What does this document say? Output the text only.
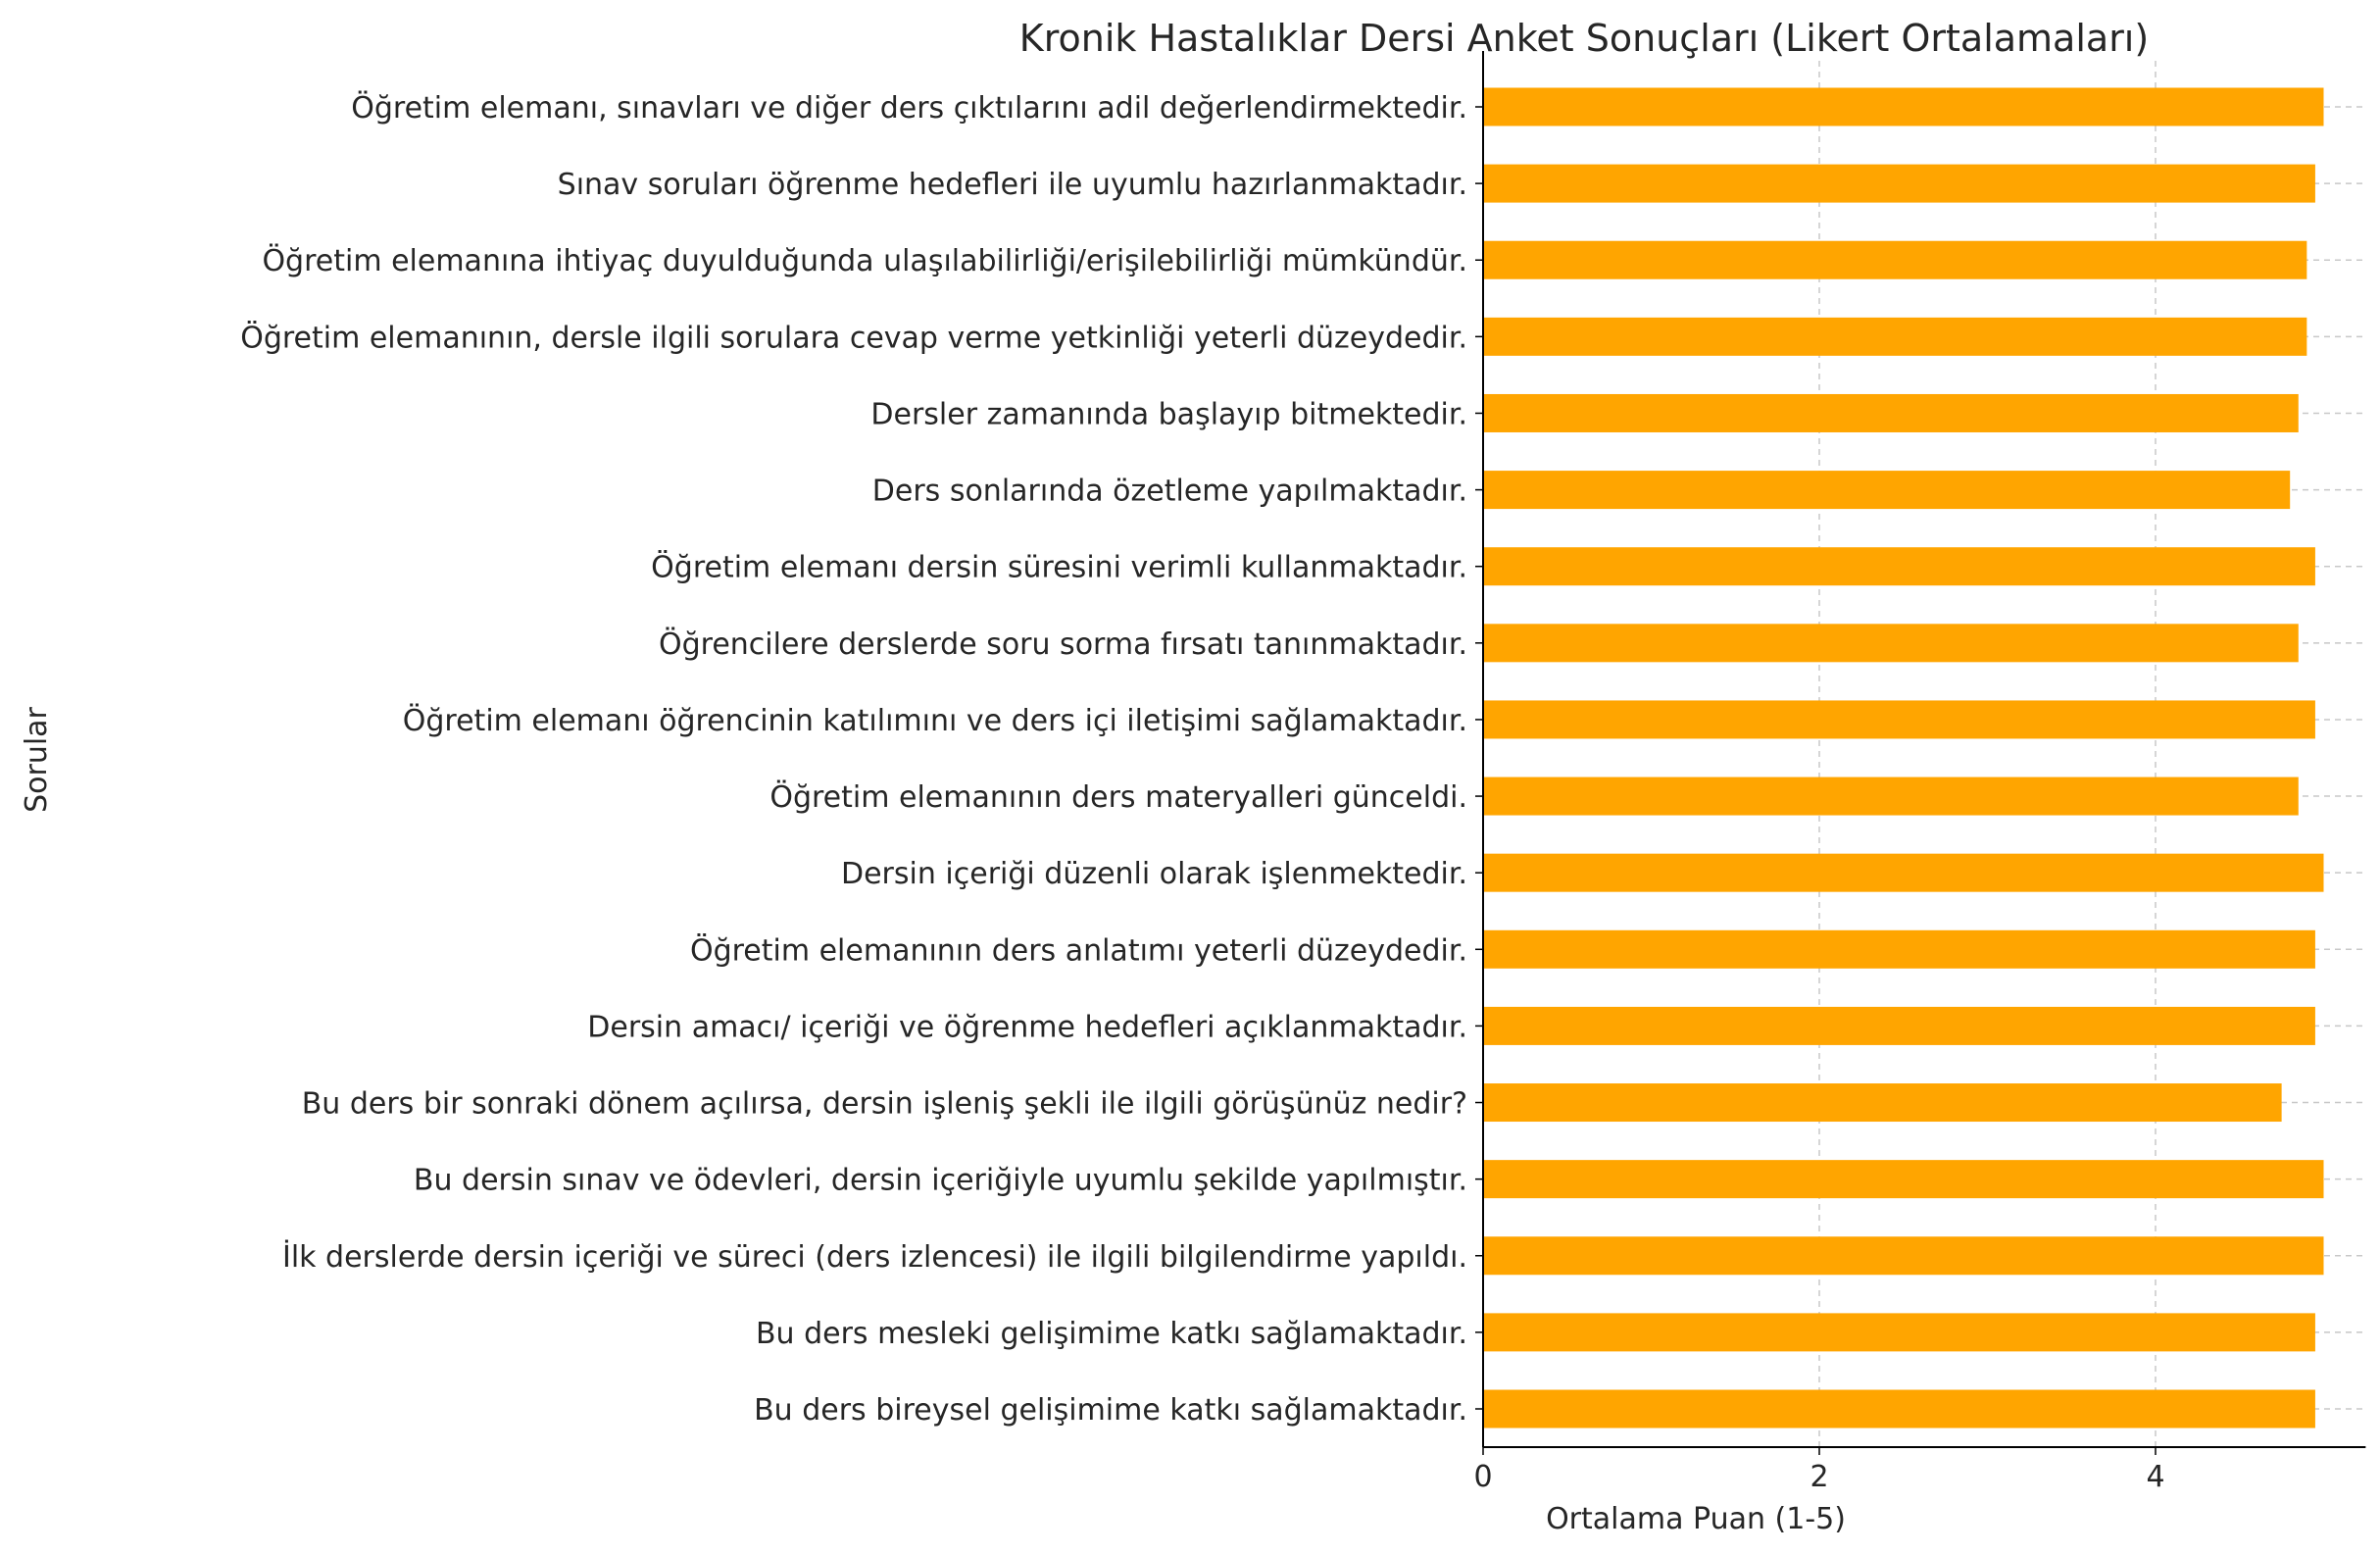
Öğretim elemanı, sınavları ve diğer ders çıktılarını adil değerlendirmektedir.
Sınav soruları öğrenme hedefleri ile uyumlu hazırlanmaktadır.
Öğretim elemanına ihtiyaç duyulduğunda ulaşılabilirliği/erişilebilirliği mümkündür.
Öğretim elemanının, dersle ilgili sorulara cevap verme yetkinliği yeterli düzeydedir.
Dersler zamanında başlayıp bitmektedir.
Ders sonlarında özetleme yapılmaktadır.
Öğretim elemanı dersin süresini verimli kullanmaktadır.
Öğrencilere derslerde soru sorma fırsatı tanınmaktadır.
Öğretim elemanı öğrencinin katılımını ve ders içi iletişimi sağlamaktadır.
Öğretim elemanının ders materyalleri günceldi.
Dersin içeriği düzenli olarak işlenmektedir.
Öğretim elemanının ders anlatımı yeterli düzeydedir.
Dersin amacı/ içeriği ve öğrenme hedefleri açıklanmaktadır.
Bu ders bir sonraki dönem açılırsa, dersin işleniş şekli ile ilgili görüşünüz nedir?
Bu dersin sınav ve ödevleri, dersin içeriğiyle uyumlu şekilde yapılmıştır.
İlk derslerde dersin içeriği ve süreci (ders izlencesi) ile ilgili bilgilendirme yapıldı.
Bu ders mesleki gelişimime katkı sağlamaktadır.
Bu ders bireysel gelişimime katkı sağlamaktadır.
0	2	4
Kronik Hastalıklar Dersi Anket Sonuçları (Likert Ortalamaları)
Ortalama Puan (1-5)
Sorular
